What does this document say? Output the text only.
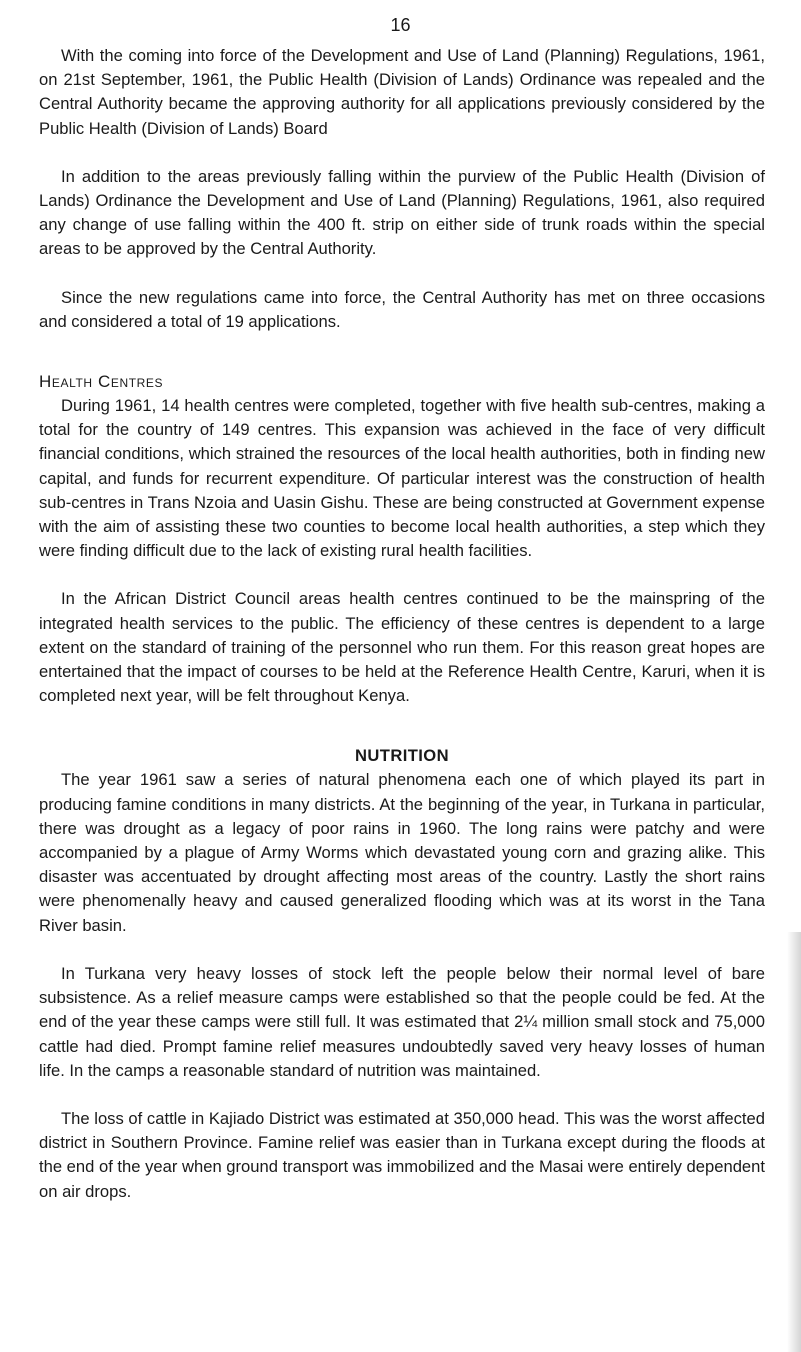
16

With the coming into force of the Development and Use of Land (Planning) Regulations, 1961, on 21st September, 1961, the Public Health (Division of Lands) Ordinance was repealed and the Central Authority became the approving authority for all applications previously considered by the Public Health (Division of Lands) Board

In addition to the areas previously falling within the purview of the Public Health (Division of Lands) Ordinance the Development and Use of Land (Planning) Regulations, 1961, also required any change of use falling within the 400 ft. strip on either side of trunk roads within the special areas to be approved by the Central Authority.

Since the new regulations came into force, the Central Authority has met on three occasions and considered a total of 19 applications.

Health Centres

During 1961, 14 health centres were completed, together with five health sub-centres, making a total for the country of 149 centres. This expansion was achieved in the face of very difficult financial conditions, which strained the resources of the local health authorities, both in finding new capital, and funds for recurrent expenditure. Of particular interest was the construction of health sub-centres in Trans Nzoia and Uasin Gishu. These are being constructed at Government expense with the aim of assisting these two counties to become local health authorities, a step which they were finding difficult due to the lack of existing rural health facilities.

In the African District Council areas health centres continued to be the mainspring of the integrated health services to the public. The efficiency of these centres is dependent to a large extent on the standard of training of the personnel who run them. For this reason great hopes are entertained that the impact of courses to be held at the Reference Health Centre, Karuri, when it is completed next year, will be felt throughout Kenya.

NUTRITION

The year 1961 saw a series of natural phenomena each one of which played its part in producing famine conditions in many districts. At the beginning of the year, in Turkana in particular, there was drought as a legacy of poor rains in 1960. The long rains were patchy and were accompanied by a plague of Army Worms which devastated young corn and grazing alike. This disaster was accentuated by drought affecting most areas of the country. Lastly the short rains were phenomenally heavy and caused generalized flooding which was at its worst in the Tana River basin.

In Turkana very heavy losses of stock left the people below their normal level of bare subsistence. As a relief measure camps were established so that the people could be fed. At the end of the year these camps were still full. It was estimated that 2¼ million small stock and 75,000 cattle had died. Prompt famine relief measures undoubtedly saved very heavy losses of human life. In the camps a reasonable standard of nutrition was maintained.

The loss of cattle in Kajiado District was estimated at 350,000 head. This was the worst affected district in Southern Province. Famine relief was easier than in Turkana except during the floods at the end of the year when ground transport was immobilized and the Masai were entirely dependent on air drops.
